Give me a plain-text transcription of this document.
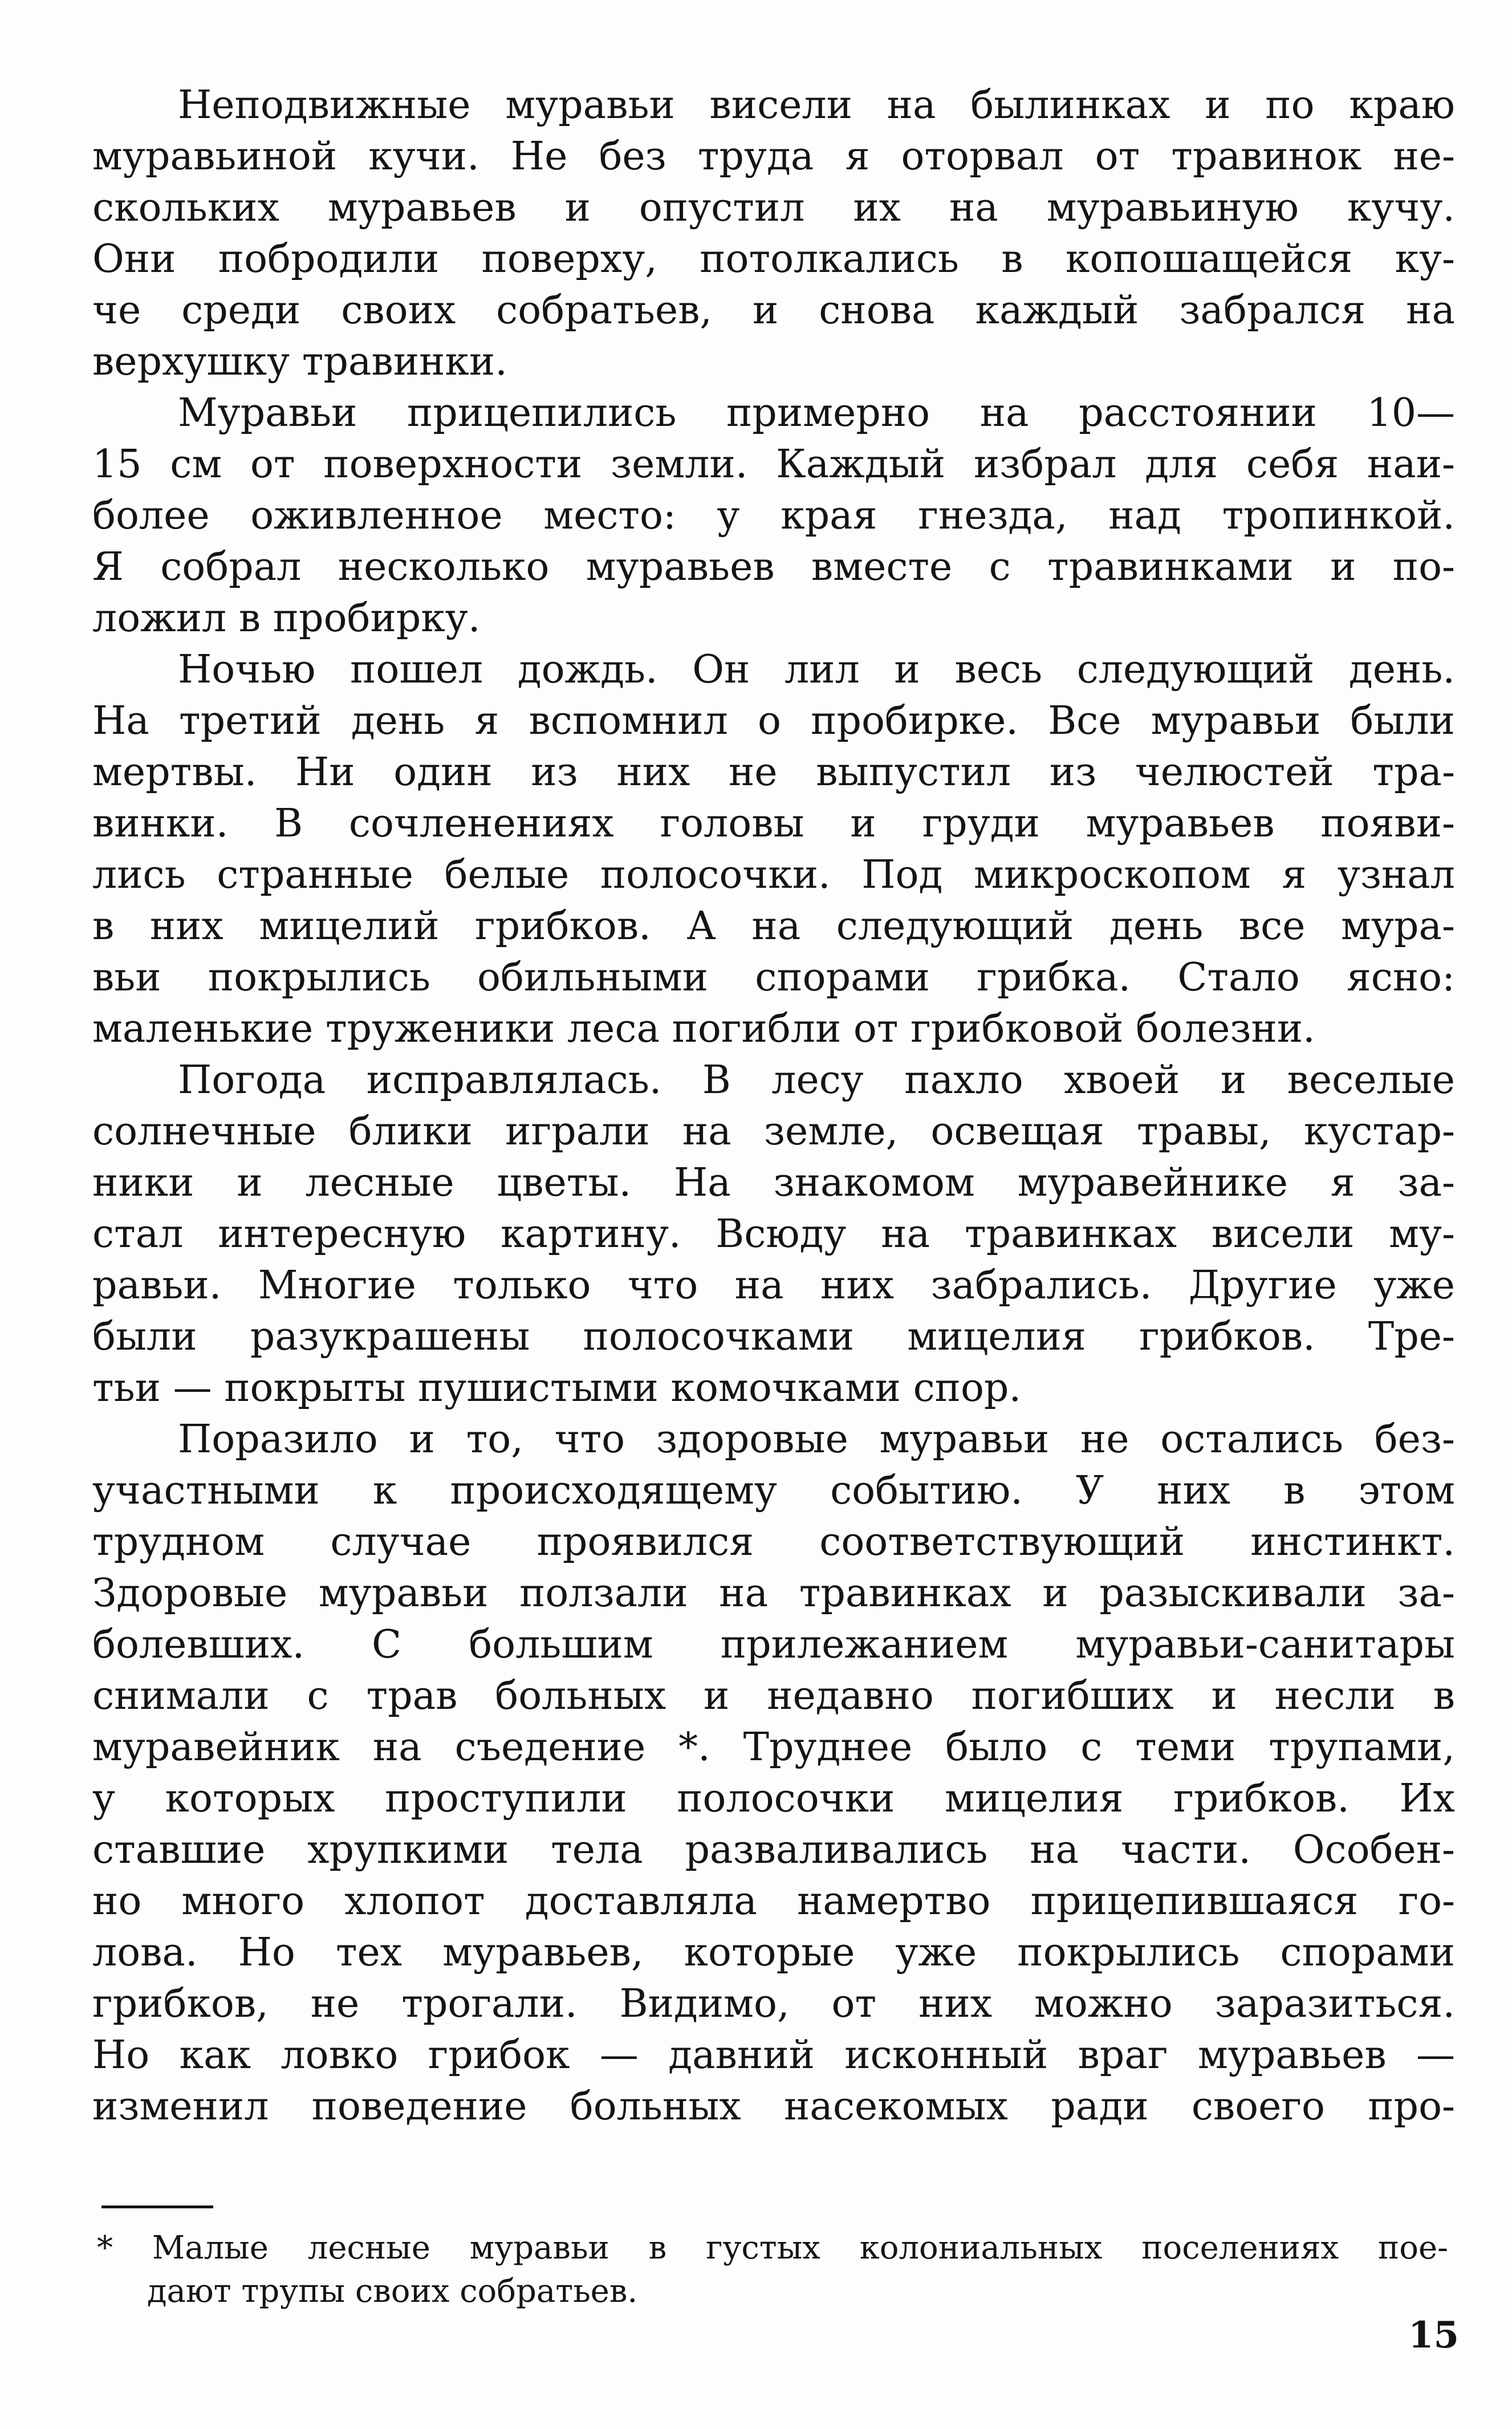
Неподвижные муравьи висели на былинках и по краю
муравьиной кучи. Не без труда я оторвал от травинок не-
скольких муравьев и опустил их на муравьиную кучу.
Они побродили поверху, потолкались в копошащейся ку-
че среди своих собратьев, и снова каждый забрался на
верхушку травинки.
Муравьи прицепились примерно на расстоянии 10—
15 см от поверхности земли. Каждый избрал для себя наи-
более оживленное место: у края гнезда, над тропинкой.
Я собрал несколько муравьев вместе с травинками и по-
ложил в пробирку.
Ночью пошел дождь. Он лил и весь следующий день.
На третий день я вспомнил о пробирке. Все муравьи были
мертвы. Ни один из них не выпустил из челюстей тра-
винки. В сочленениях головы и груди муравьев появи-
лись странные белые полосочки. Под микроскопом я узнал
в них мицелий грибков. А на следующий день все мура-
вьи покрылись обильными спорами грибка. Стало ясно:
маленькие труженики леса погибли от грибковой болезни.
Погода исправлялась. В лесу пахло хвоей и веселые
солнечные блики играли на земле, освещая травы, кустар-
ники и лесные цветы. На знакомом муравейнике я за-
стал интересную картину. Всюду на травинках висели му-
равьи. Многие только что на них забрались. Другие уже
были разукрашены полосочками мицелия грибков. Тре-
тьи — покрыты пушистыми комочками спор.
Поразило и то, что здоровые муравьи не остались без-
участными к происходящему событию. У них в этом
трудном случае проявился соответствующий инстинкт.
Здоровые муравьи ползали на травинках и разыскивали за-
болевших. С большим прилежанием муравьи-санитары
снимали с трав больных и недавно погибших и несли в
муравейник на съедение *. Труднее было с теми трупами,
у которых проступили полосочки мицелия грибков. Их
ставшие хрупкими тела разваливались на части. Особен-
но много хлопот доставляла намертво прицепившаяся го-
лова. Но тех муравьев, которые уже покрылись спорами
грибков, не трогали. Видимо, от них можно заразиться.
Но как ловко грибок — давний исконный враг муравьев —
изменил поведение больных насекомых ради своего про-
* Малые лесные муравьи в густых колониальных поселениях пое-
дают трупы своих собратьев.
15
